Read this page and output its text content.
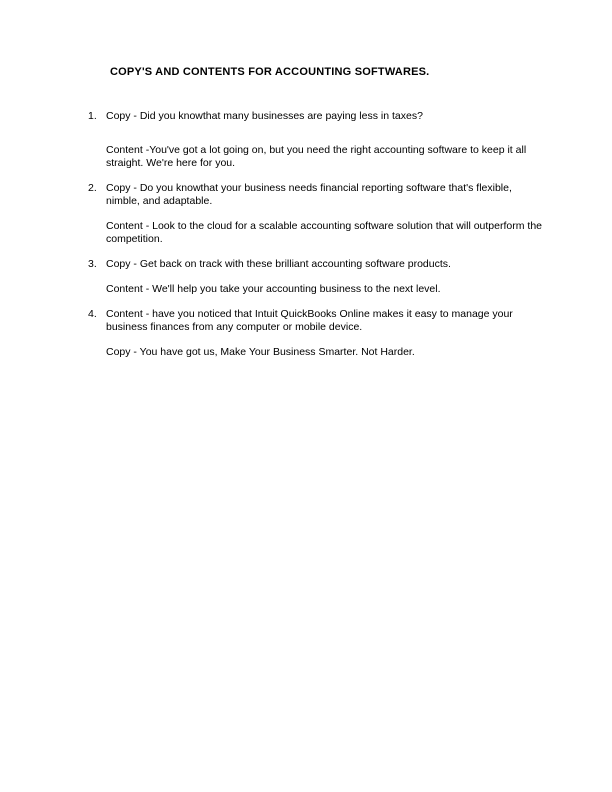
COPY'S AND CONTENTS FOR ACCOUNTING SOFTWARES.
1. Copy - Did you knowthat many businesses are paying less in taxes?

Content -You've got a lot going on, but you need the right accounting software to keep it all straight. We're here for you.

2. Copy - Do you knowthat your business needs financial reporting software that's flexible, nimble, and adaptable.

Content - Look to the cloud for a scalable accounting software solution that will outperform the competition.

3. Copy - Get back on track with these brilliant accounting software products.

Content - We'll help you take your accounting business to the next level.

4. Content - have you noticed that Intuit QuickBooks Online makes it easy to manage your business finances from any computer or mobile device.

Copy - You have got us, Make Your Business Smarter. Not Harder.
